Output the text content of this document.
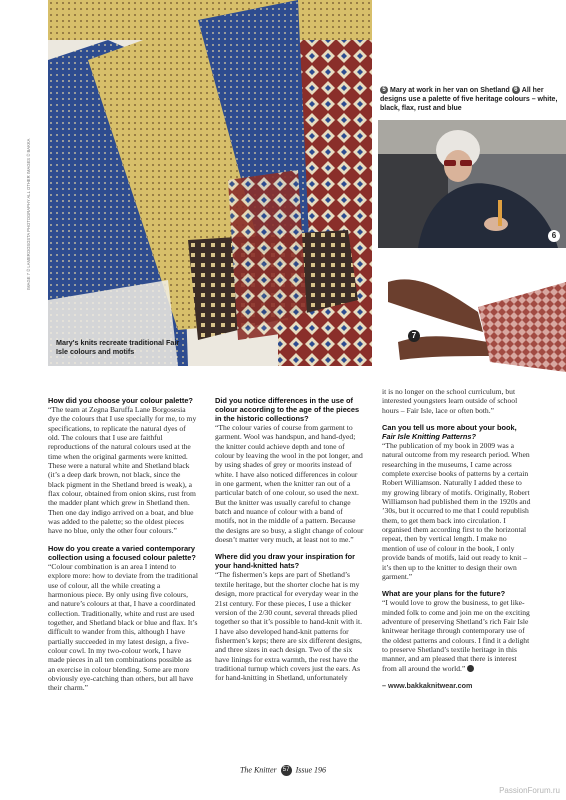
Mary's knits recreate traditional Fair Isle colours and motifs
IMAGE 7 © LAMEROOSOSTA PHOTOGRAPHY ALL OTHER IMAGES © BAKKA
5 Mary at work in her van on Shetland 6 All her designs use a palette of five heritage colours – white, black, flax, rust and blue
6
7
How did you choose your colour palette?

“The team at Zegna Baruffa Lane Borgosesia dye the colours that I use specially for me, to my specifications, to replicate the natural dyes of old. The colours that I use are faithful reproductions of the natural colours used at the time when the original garments were knitted. These were a natural white and Shetland black (it’s a deep dark brown, not black, since the black pigment in the Shetland breed is weak), a flax colour, obtained from onion skins, rust from the madder plant which grew in Shetland then. Then one day indigo arrived on a boat, and blue was added to the palette; so the oldest pieces have no blue, only the other four colours.”

How do you create a varied contemporary collection using a focused colour palette?

“Colour combination is an area I intend to explore more: how to deviate from the traditional use of colour, all the while creating a harmonious piece. By only using five colours, and nature’s colours at that, I have a coordinated collection. Traditionally, white and rust are used together, and Shetland black or blue and flax. It’s difficult to wander from this, although I have partially succeeded in my latest design, a five-colour cowl. In my two-colour work, I have made pieces in all ten combinations possible as an exercise in colour blending. Some are more obviously eye-catching than others, but all have their charm.”

Did you notice differences in the use of colour according to the age of the pieces in the historic collections?

“The colour varies of course from garment to garment. Wool was handspun, and hand-dyed; the knitter could achieve depth and tone of colour by leaving the wool in the pot longer, and by using shades of grey or moorits instead of white. I have also noticed differences in colour in one garment, when the knitter ran out of a particular batch of one colour, so used the next. But the knitter was usually careful to change batch and nuance of colour with a band of motifs, not in the middle of a pattern. Because the designs are so busy, a slight change of colour doesn’t matter very much, at least not to me.”

Where did you draw your inspiration for your hand-knitted hats?

“The fishermen’s keps are part of Shetland’s textile heritage, but the shorter cloche hat is my design, more practical for everyday wear in the 21st century. For these pieces, I use a thicker version of the 2/30 count, several threads plied together so that it’s possible to hand-knit with it. I have also developed hand-knit patterns for fishermen’s keps; there are six different designs, and three sizes in each design. Two of the six have linings for extra warmth, the rest have the traditional turnup which covers just the ears. As for hand-knitting in Shetland, unfortunately

it is no longer on the school curriculum, but interested youngsters learn outside of school hours – Fair Isle, lace or often both.”

Can you tell us more about your book, Fair Isle Knitting Patterns?

“The publication of my book in 2009 was a natural outcome from my research period. When researching in the museums, I came across complete exercise books of patterns by a certain Robert Williamson. Naturally I added these to my growing library of motifs. Originally, Robert Williamson had published them in the 1920s and ’30s, but it occurred to me that I could republish them, to get them back into circulation. I organised them according first to the horizontal repeat, then by vertical length. I make no mention of use of colour in the book, I only provide bands of motifs, laid out ready to knit – it’s then up to the knitter to design their own garment.”

What are your plans for the future?

“I would love to grow the business, to get like-minded folk to come and join me on the exciting adventure of preserving Shetland’s rich Fair Isle knitwear heritage through contemporary use of the oldest patterns and colours. I find it a delight to preserve Shetland’s textile heritage in this manner, and am pleased that there is interest from all around the world.”

– www.bakkaknitwear.com

The Knitter 57 Issue 196
PassionForum.ru
